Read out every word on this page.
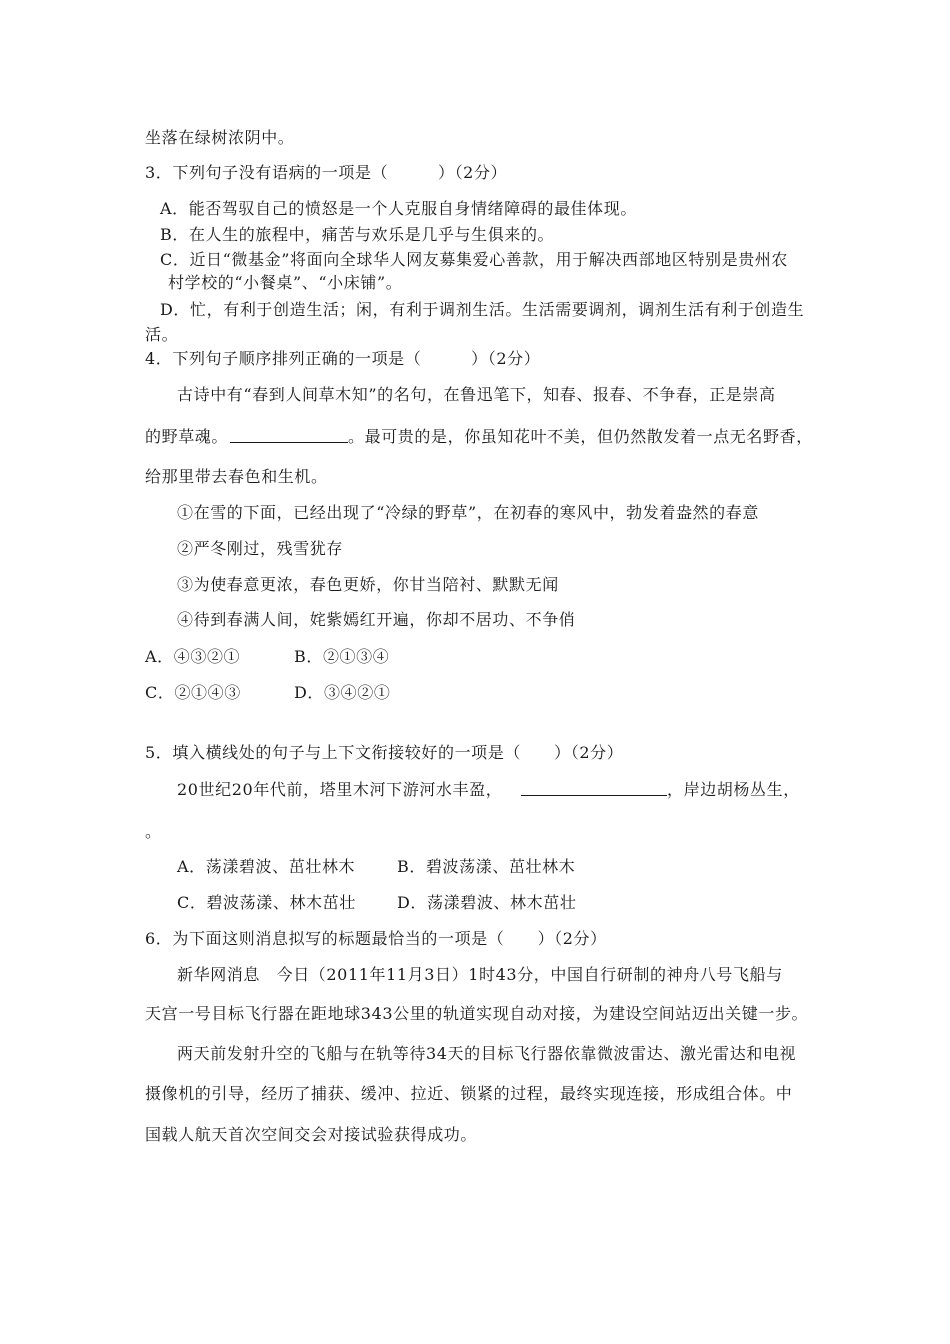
坐落在绿树浓阴中。
3．下列句子没有语病的一项是（　　　）（2分）
A．能否驾驭自己的愤怒是一个人克服自身情绪障碍的最佳体现。
B．在人生的旅程中，痛苦与欢乐是几乎与生俱来的。
C．近日“微基金”将面向全球华人网友募集爱心善款，用于解决西部地区特别是贵州农
村学校的“小餐桌”、“小床铺”。
D．忙，有利于创造生活；闲，有利于调剂生活。生活需要调剂，调剂生活有利于创造生
活。
4．下列句子顺序排列正确的一项是（　　　）（2分）
古诗中有“春到人间草木知”的名句，在鲁迅笔下，知春、报春、不争春，正是崇高
的野草魂。	。最可贵的是，你虽知花叶不美，但仍然散发着一点无名野香，
给那里带去春色和生机。
①在雪的下面，已经出现了“冷绿的野草”，在初春的寒风中，勃发着盎然的春意
②严冬刚过，残雪犹存
③为使春意更浓，春色更娇，你甘当陪衬、默默无闻
④待到春满人间，姹紫嫣红开遍，你却不居功、不争俏
A．④③②①	B．②①③④
C．②①④③	D．③④②①
5．填入横线处的句子与上下文衔接较好的一项是（　　）（2分）
20世纪20年代前，塔里木河下游河水丰盈，	，岸边胡杨丛生，
。
A．荡漾碧波、茁壮林木	B．碧波荡漾、茁壮林木
C．碧波荡漾、林木茁壮	D．荡漾碧波、林木茁壮
6．为下面这则消息拟写的标题最恰当的一项是（　　）（2分）
新华网消息　今日（2011年11月3日）1时43分，中国自行研制的神舟八号飞船与
天宫一号目标飞行器在距地球343公里的轨道实现自动对接，为建设空间站迈出关键一步。
两天前发射升空的飞船与在轨等待34天的目标飞行器依靠微波雷达、激光雷达和电视
摄像机的引导，经历了捕获、缓冲、拉近、锁紧的过程，最终实现连接，形成组合体。中
国载人航天首次空间交会对接试验获得成功。
